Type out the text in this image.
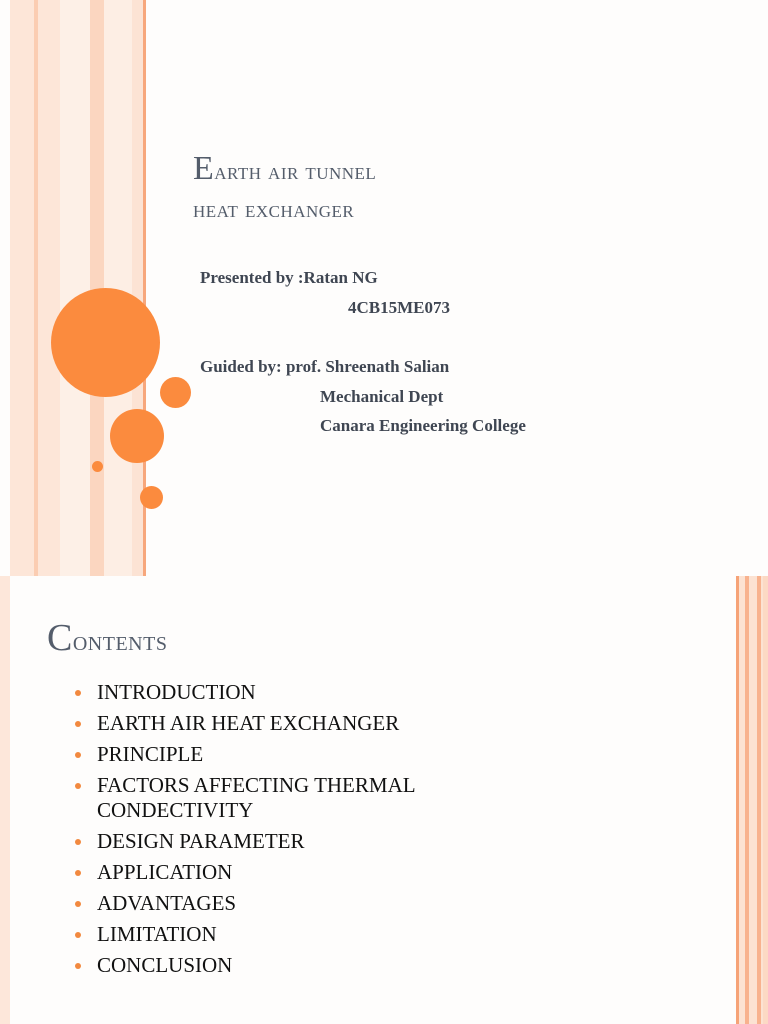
Earth air tunnel
heat exchanger
Presented by :Ratan NG
4CB15ME073
Guided by: prof. Shreenath Salian
Mechanical Dept
Canara Engineering College
Contents
INTRODUCTION
EARTH AIR HEAT EXCHANGER
PRINCIPLE
FACTORS AFFECTING THERMAL CONDECTIVITY
DESIGN PARAMETER
APPLICATION
ADVANTAGES
LIMITATION
CONCLUSION
